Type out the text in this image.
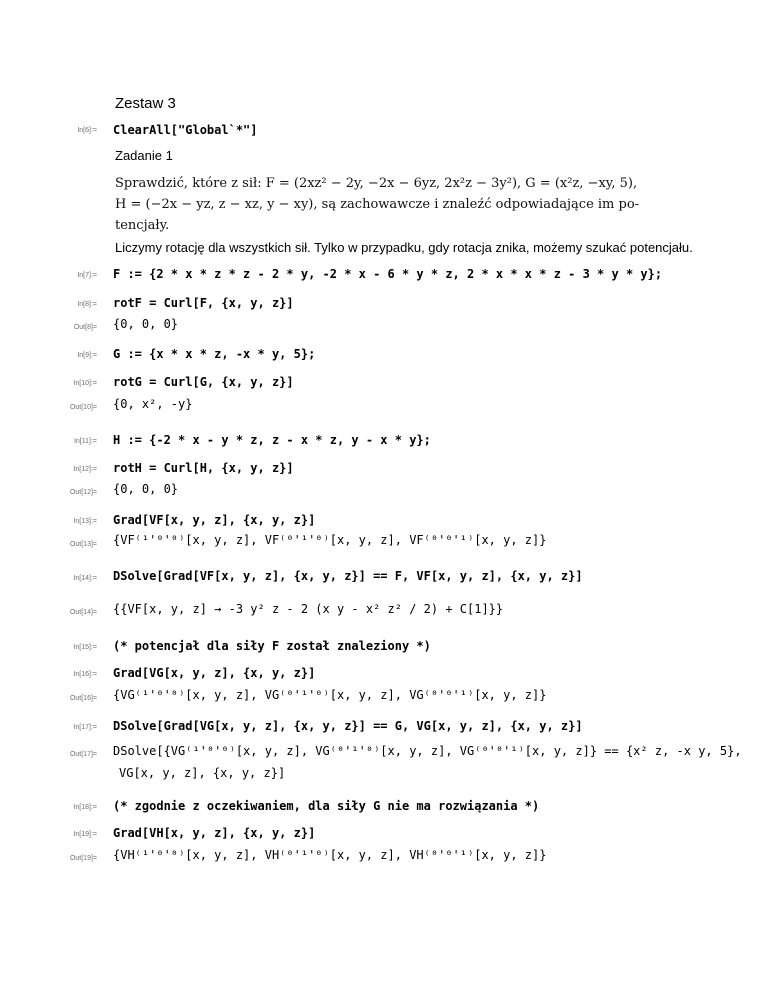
Zestaw 3
In[6]:= ClearAll["Global`*"]
Zadanie 1
Sprawdzić, które z sił: F = (2xz² − 2y, −2x − 6yz, 2x²z − 3y²), G = (x²z, −xy, 5),
H = (−2x − yz, z − xz, y − xy), są zachowawcze i znaleźć odpowiadające im po-
tencjały.
Liczymy rotację dla wszystkich sił. Tylko w przypadku, gdy rotacja znika, możemy szukać potencjału.
In[7]:= F := {2 * x * z * z - 2 * y, -2 * x - 6 * y * z, 2 * x * x * z - 3 * y * y};
In[8]:= rotF = Curl[F, {x, y, z}]
Out[8]= {0, 0, 0}
In[9]:= G := {x * x * z, -x * y, 5};
In[10]:= rotG = Curl[G, {x, y, z}]
Out[10]= {0, x², -y}
In[11]:= H := {-2 * x - y * z, z - x * z, y - x * y};
In[12]:= rotH = Curl[H, {x, y, z}]
Out[12]= {0, 0, 0}
In[13]:= Grad[VF[x, y, z], {x, y, z}]
Out[13]= {VF⁽¹'⁰'⁰⁾[x, y, z], VF⁽⁰'¹'⁰⁾[x, y, z], VF⁽⁰'⁰'¹⁾[x, y, z]}
In[14]:= DSolve[Grad[VF[x, y, z], {x, y, z}] == F, VF[x, y, z], {x, y, z}]
Out[14]= {{VF[x, y, z] → -3 y² z - 2 (x y - x² z² / 2) + C[1]}}
In[15]:= (* potencjał dla siły F został znaleziony *)
In[16]:= Grad[VG[x, y, z], {x, y, z}]
Out[16]= {VG⁽¹'⁰'⁰⁾[x, y, z], VG⁽⁰'¹'⁰⁾[x, y, z], VG⁽⁰'⁰'¹⁾[x, y, z]}
In[17]:= DSolve[Grad[VG[x, y, z], {x, y, z}] == G, VG[x, y, z], {x, y, z}]
Out[17]= DSolve[{VG⁽¹'⁰'⁰⁾[x, y, z], VG⁽⁰'¹'⁰⁾[x, y, z], VG⁽⁰'⁰'¹⁾[x, y, z]} == {x² z, -x y, 5},
VG[x, y, z], {x, y, z}]
In[18]:= (* zgodnie z oczekiwaniem, dla siły G nie ma rozwiązania *)
In[19]:= Grad[VH[x, y, z], {x, y, z}]
Out[19]= {VH⁽¹'⁰'⁰⁾[x, y, z], VH⁽⁰'¹'⁰⁾[x, y, z], VH⁽⁰'⁰'¹⁾[x, y, z]}
